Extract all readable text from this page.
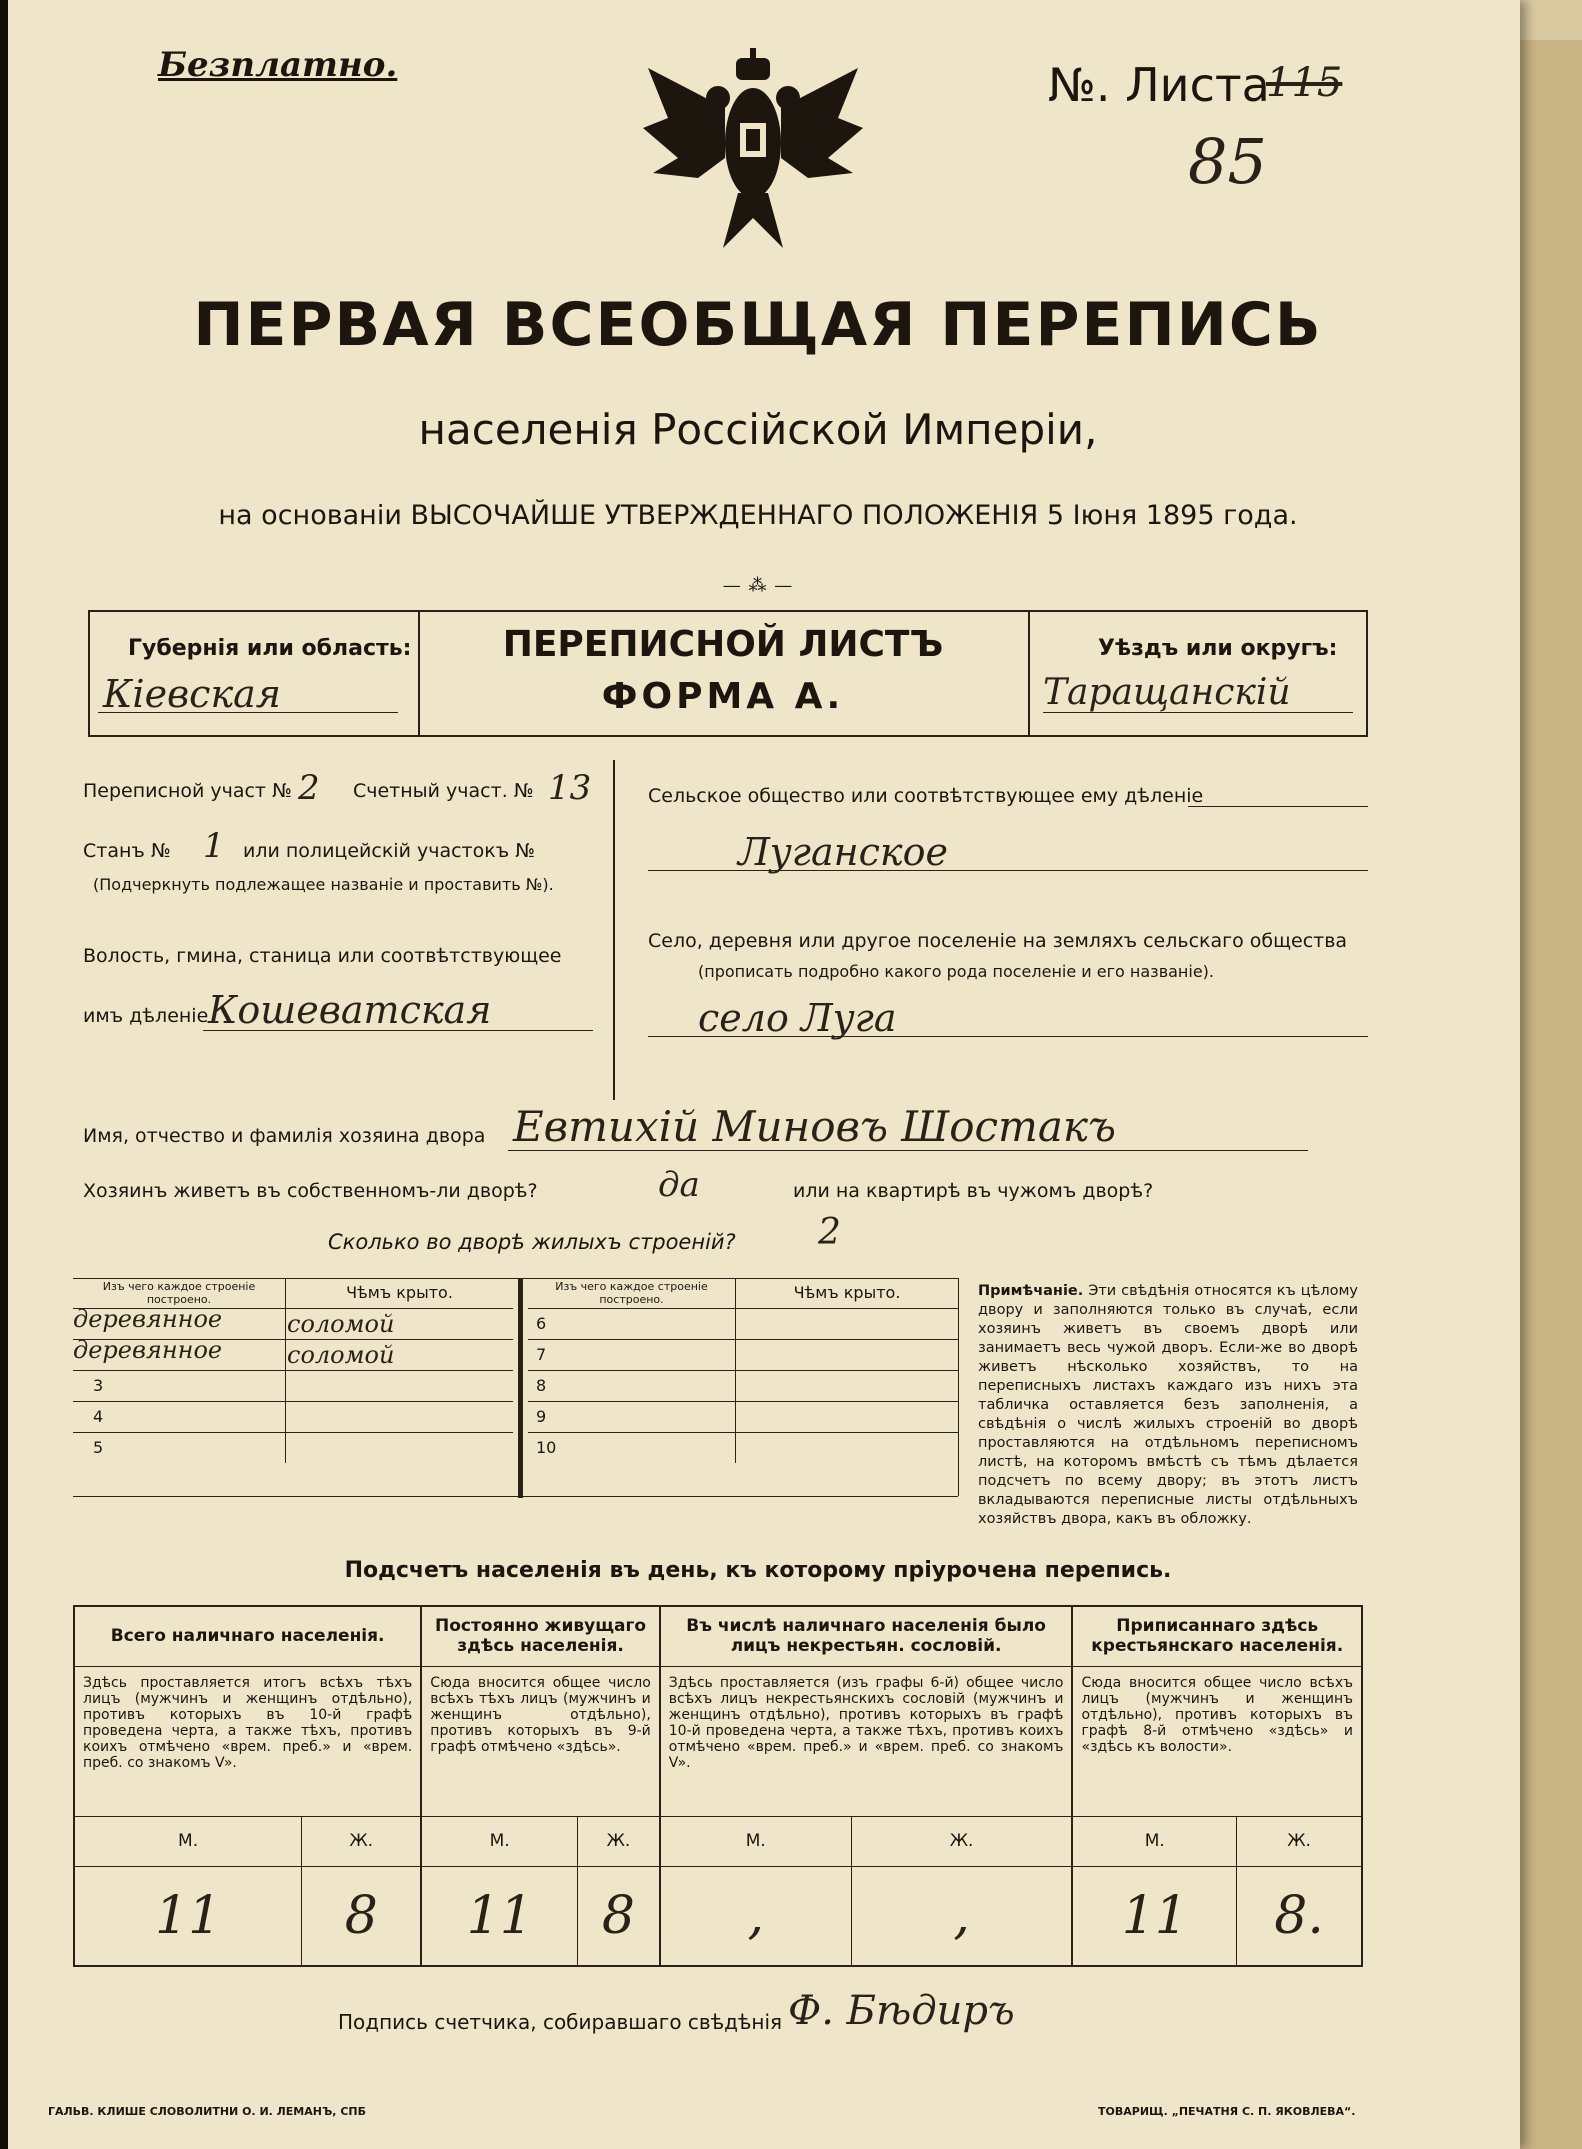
Безплатно.	№. Листа
115
85
ПЕРВАЯ ВСЕОБЩАЯ ПЕРЕПИСЬ
населенія Россійской Имперіи,
на основаніи ВЫСОЧАЙШЕ УТВЕРЖДЕННАГО ПОЛОЖЕНІЯ 5 Іюня 1895 года.
— ⁂ —
Губернія или область:
Кiевская
ПЕРЕПИСНОЙ ЛИСТЪ
ФОРМА А.
Уѣздъ или округъ:
Таращанскій
Переписной участ № 2 Счетный участ. № 13
Станъ № 1 или полицейскій участокъ №
(Подчеркнуть подлежащее названіе и проставить №).
Волость, гмина, станица или соотвѣтствующее
имъ дѣленіе Кошеватская
Сельское общество или соотвѣтствующее ему дѣленіе
Луганское
Село, деревня или другое поселеніе на земляхъ сельскаго общества
(прописать подробно какого рода поселеніе и его названіе).
село Луга
Имя, отчество и фамилія хозяина двора Евтихій Миновъ Шостакъ
Хозяинъ живетъ въ собственномъ-ли дворѣ?	да	или на квартирѣ въ чужомъ дворѣ?
Сколько во дворѣ жилыхъ строеній? 2
Изъ чего каждое строеніе построено.	Чѣмъ крыто.

деревянное	соломой

деревянное	соломой
3	
4	
5	
Изъ чего каждое строеніе построено.	Чѣмъ крыто.
6	
7	
8	
9	
10	
Примѣчаніе. Эти свѣдѣнія относятся къ цѣлому двору и заполняются только въ случаѣ, если хозяинъ живетъ въ своемъ дворѣ или занимаетъ весь чужой дворъ. Если-же во дворѣ живетъ нѣсколько хозяйствъ, то на переписныхъ листахъ каждаго изъ нихъ эта табличка оставляется безъ заполненія, а свѣдѣнія о числѣ жилыхъ строеній во дворѣ проставляются на отдѣльномъ переписномъ листѣ, на которомъ вмѣстѣ съ тѣмъ дѣлается подсчетъ по всему двору; въ этотъ листъ вкладываются переписные листы отдѣльныхъ хозяйствъ двора, какъ въ обложку.
Подсчетъ населенія въ день, къ которому пріурочена перепись.
Всего наличнаго населенія.		Постоянно живущаго здѣсь населенія.		Въ числѣ наличнаго населенія было лицъ некрестьян. сословій.		Приписаннаго здѣсь крестьянскаго населенія.	
Здѣсь проставляется итогъ всѣхъ тѣхъ лицъ (мужчинъ и женщинъ отдѣльно), противъ которыхъ въ 10-й графѣ проведена черта, а также тѣхъ, противъ коихъ отмѣчено «врем. преб.» и «врем. преб. со знакомъ V».		Сюда вносится общее число всѣхъ тѣхъ лицъ (мужчинъ и женщинъ отдѣльно), противъ которыхъ въ 9-й графѣ отмѣчено «здѣсь».		Здѣсь проставляется (изъ графы 6-й) общее число всѣхъ лицъ некрестьянскихъ сословій (мужчинъ и женщинъ отдѣльно), противъ которыхъ въ графѣ 10-й проведена черта, а также тѣхъ, противъ коихъ отмѣчено «врем. преб.» и «врем. преб. со знакомъ V».		Сюда вносится общее число всѣхъ лицъ (мужчинъ и женщинъ отдѣльно), противъ которыхъ въ графѣ 8-й отмѣчено «здѣсь» и «здѣсь къ волости».	
М.	Ж.	М.	Ж.	М.	Ж.	М.	Ж.
11	8	11	8	,	,	11	8.
Подпись счетчика, собиравшаго свѣдѣнія Ф. Бѣдиръ
ГАЛЬВ. КЛИШЕ СЛОВОЛИТНИ О. И. ЛЕМАНЪ, СПБ	ТОВАРИЩ. „ПЕЧАТНЯ С. П. ЯКОВЛЕВА“.
